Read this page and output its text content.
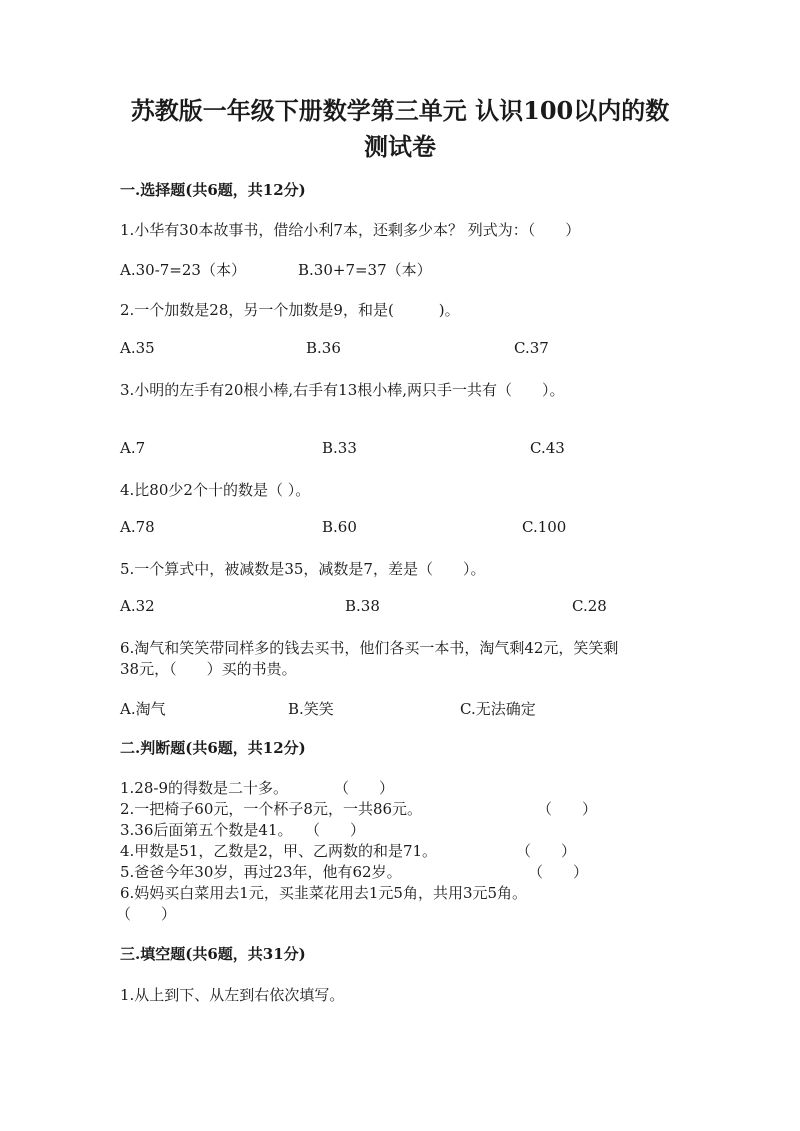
苏教版一年级下册数学第三单元 认识100以内的数
测试卷
一.选择题(共6题，共12分)
1.小华有30本故事书，借给小利7本，还剩多少本？ 列式为：（　　）
A.30-7=23（本）	B.30+7=37（本）
2.一个加数是28，另一个加数是9，和是(　　　)。
A.35	B.36	C.37
3.小明的左手有20根小棒,右手有13根小棒,两只手一共有（　　）。
A.7	B.33	C.43
4.比80少2个十的数是（ ）。
A.78	B.60	C.100
5.一个算式中，被减数是35，减数是7，差是（　　）。
A.32	B.38	C.28
6.淘气和笑笑带同样多的钱去买书，他们各买一本书，淘气剩42元，笑笑剩
38元，（　　）买的书贵。
A.淘气	B.笑笑	C.无法确定
二.判断题(共6题，共12分)
1.28-9的得数是二十多。	（　　）
2.一把椅子60元，一个杯子8元，一共86元。	（　　）
3.36后面第五个数是41。 （　　）
4.甲数是51，乙数是2，甲、乙两数的和是71。	（　　）
5.爸爸今年30岁，再过23年，他有62岁。	（　　）
6.妈妈买白菜用去1元，买韭菜花用去1元5角，共用3元5角。
（　　）
三.填空题(共6题，共31分)
1.从上到下、从左到右依次填写。
